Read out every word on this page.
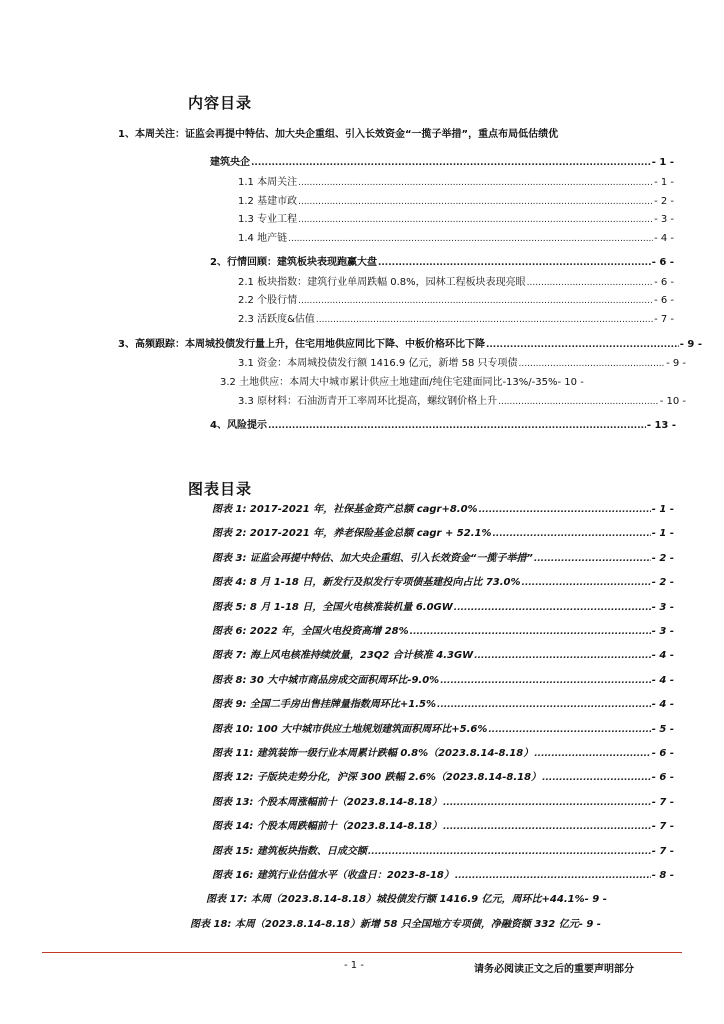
内容目录
1、本周关注：证监会再提中特估、加大央企重组、引入长效资金“一揽子举措”，重点布局低估绩优
建筑央企 .....	- 1 -
1.1 本周关注 .....	- 1 -
1.2 基建市政 .....	- 2 -
1.3 专业工程 .....	- 3 -
1.4 地产链 .....	- 4 -
2、行情回顾：建筑板块表现跑赢大盘 .....	- 6 -
2.1 板块指数：建筑行业单周跌幅 0.8%，园林工程板块表现亮眼 .....	- 6 -
2.2 个股行情 .....	- 6 -
2.3 活跃度&估值 .....	- 7 -
3、高频跟踪：本周城投债发行量上升，住宅用地供应同比下降、中板价格环比下降 .....	- 9 -
3.1 资金：本周城投债发行额 1416.9 亿元，新增 58 只专项债 .....	- 9 -
3.2 土地供应：本周大中城市累计供应土地建面/纯住宅建面同比-13%/-35% - 10 -
3.3 原材料：石油沥青开工率周环比提高，螺纹钢价格上升 .....	- 10 -
4、风险提示 .....	- 13 -
图表目录
图表 1: 2017-2021 年，社保基金资产总额 cagr+8.0% .....	- 1 -
图表 2: 2017-2021 年，养老保险基金总额 cagr + 52.1% .....	- 1 -
图表 3: 证监会再提中特估、加大央企重组、引入长效资金“一揽子举措” .....	- 2 -
图表 4: 8 月 1-18 日，新发行及拟发行专项债基建投向占比 73.0% .....	- 2 -
图表 5: 8 月 1-18 日，全国火电核准装机量 6.0GW .....	- 3 -
图表 6: 2022 年，全国火电投资高增 28% .....	- 3 -
图表 7: 海上风电核准持续放量，23Q2 合计核准 4.3GW .....	- 4 -
图表 8: 30 大中城市商品房成交面积周环比-9.0% .....	- 4 -
图表 9: 全国二手房出售挂牌量指数周环比+1.5% .....	- 4 -
图表 10: 100 大中城市供应土地规划建筑面积周环比+5.6% .....	- 5 -
图表 11: 建筑装饰一级行业本周累计跌幅 0.8%（2023.8.14-8.18） .....	- 6 -
图表 12: 子版块走势分化，沪深 300 跌幅 2.6%（2023.8.14-8.18） .....	- 6 -
图表 13: 个股本周涨幅前十（2023.8.14-8.18） .....	- 7 -
图表 14: 个股本周跌幅前十（2023.8.14-8.18） .....	- 7 -
图表 15: 建筑板块指数、日成交额 .....	- 7 -
图表 16: 建筑行业估值水平（收盘日：2023-8-18） .....	- 8 -
图表 17: 本周（2023.8.14-8.18）城投债发行额 1416.9 亿元，周环比+44.1% - 9 -
图表 18: 本周（2023.8.14-8.18）新增 58 只全国地方专项债，净融资额 332 亿元 - 9 -
- 1 -	请务必阅读正文之后的重要声明部分
